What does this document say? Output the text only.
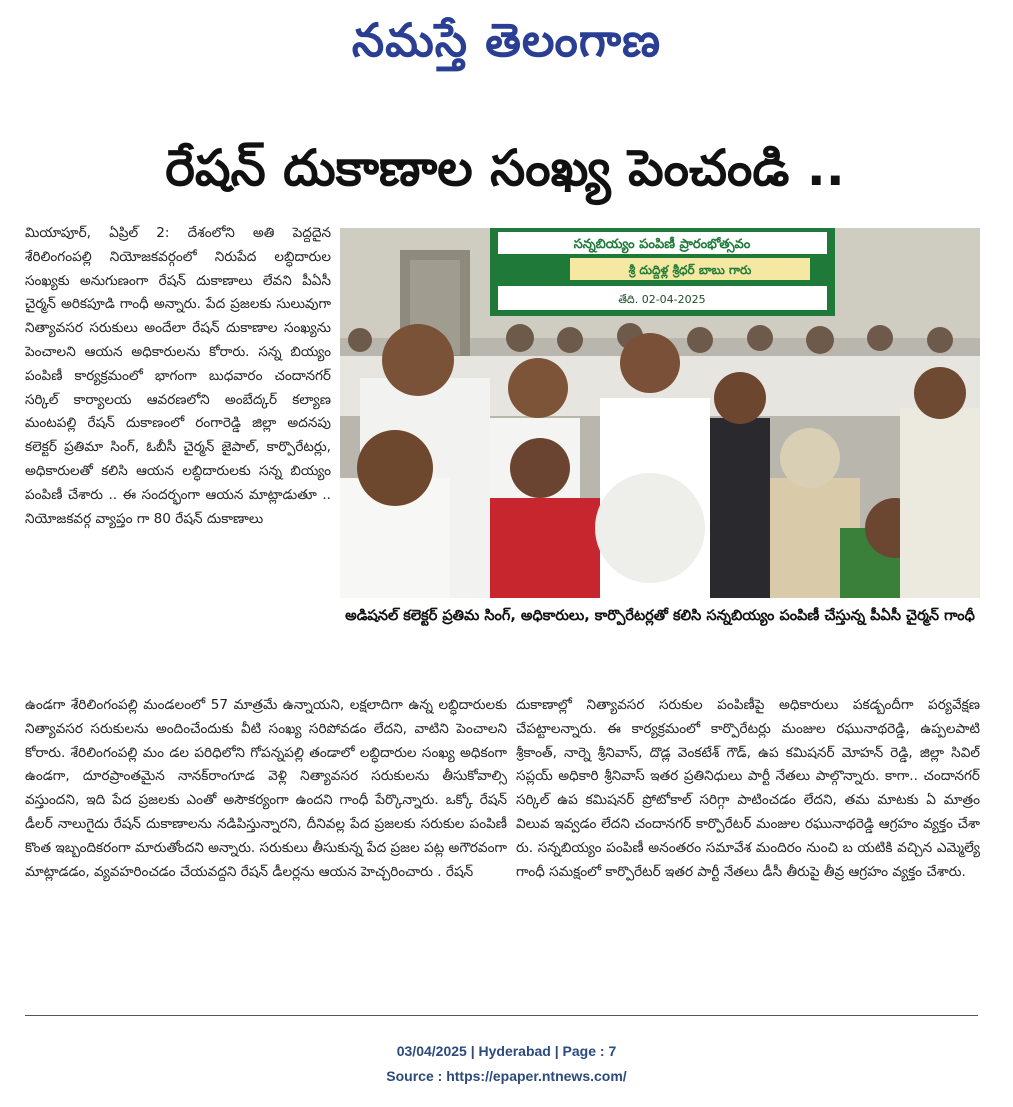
నమస్తే తెలంగాణ
రేషన్ దుకాణాల సంఖ్య పెంచండి ..

మియాపూర్, ఏప్రిల్ 2: దేశంలోని అతి పెద్దదైన శేరిలింగంపల్లి నియోజకవర్గంలో నిరుపేద లబ్ధిదారుల సంఖ్యకు అనుగుణంగా రేషన్ దుకాణాలు లేవని పీఏసీ చైర్మన్ అరికపూడి గాంధీ అన్నారు. పేద ప్రజలకు సులువుగా నిత్యావసర సరుకులు అందేలా రేషన్ దుకాణాల సంఖ్యను పెంచాలని ఆయన అధికారులను కోరారు. సన్న బియ్యం పంపిణీ కార్యక్రమంలో భాగంగా బుధవారం చందానగర్ సర్కిల్ కార్యాలయ ఆవరణలోని అంబేద్కర్ కల్యాణ మంటపల్లి రేషన్ దుకాణంలో రంగారెడ్డి జిల్లా అదనపు కలెక్టర్ ప్రతిమా సింగ్, ఓబీసీ చైర్మన్ జైపాల్, కార్పొరేటర్లు, అధికారులతో కలిసి ఆయన లబ్ధిదారులకు సన్న బియ్యం పంపిణీ చేశారు .. ఈ సందర్భంగా ఆయన మాట్లాడుతూ .. నియోజకవర్గ వ్యాప్తం గా 80 రేషన్ దుకాణాలు

సన్నబియ్యం పంపిణీ ప్రారంభోత్సవం
శ్రీ దుద్దిళ్ల శ్రీధర్ బాబు గారు
తేది. 02-04-2025
అడిషనల్ కలెక్టర్ ప్రతిమ సింగ్, అధికారులు, కార్పొరేటర్లతో కలిసి సన్నబియ్యం పంపిణీ చేస్తున్న పీఏసీ చైర్మన్ గాంధీ

ఉండగా శేరిలింగంపల్లి మండలంలో 57 మాత్రమే ఉన్నాయని, లక్షలాదిగా ఉన్న లబ్ధిదారులకు నిత్యావసర సరుకులను అందించేందుకు వీటి సంఖ్య సరిపోవడం లేదని, వాటిని పెంచాలని కోరారు. శేరిలింగంపల్లి మం డల పరిధిలోని గోపన్నపల్లి తండాలో లబ్ధిదారుల సంఖ్య అధికంగా ఉండగా, దూరప్రాంతమైన నానక్‌రాంగూడ వెళ్లి నిత్యావసర సరుకులను తీసుకోవాల్సి వస్తుందని, ఇది పేద ప్రజలకు ఎంతో అసౌకర్యంగా ఉందని గాంధీ పేర్కొన్నారు. ఒక్కో రేషన్ డీలర్ నాలుగైదు రేషన్ దుకాణాలను నడిపిస్తున్నారని, దీనివల్ల పేద ప్రజలకు సరుకుల పంపిణీ కొంత ఇబ్బందికరంగా మారుతోందని అన్నారు. సరుకులు తీసుకున్న పేద ప్రజల పట్ల అగౌరవంగా మాట్లాడడం, వ్యవహరించడం చేయవద్దని రేషన్ డీలర్లను ఆయన హెచ్చరించారు . రేషన్

దుకాణాల్లో నిత్యావసర సరుకుల పంపిణీపై అధికారులు పకడ్బందీగా పర్యవేక్షణ చేపట్టాలన్నారు. ఈ కార్యక్రమంలో కార్పొరేటర్లు మంజుల రఘునాథరెడ్డి, ఉప్పలపాటి శ్రీకాంత్, నార్నె శ్రీనివాస్, దొడ్ల వెంకటేశ్ గౌడ్, ఉప కమిషనర్ మోహన్ రెడ్డి, జిల్లా సివిల్ సప్లయ్ అధికారి శ్రీనివాస్ ఇతర ప్రతినిధులు పార్టీ నేతలు పాల్గొన్నారు. కాగా.. చందానగర్ సర్కిల్ ఉప కమిషనర్ ప్రోటోకాల్ సరిగ్గా పాటించడం లేదని, తమ మాటకు ఏ మాత్రం విలువ ఇవ్వడం లేదని చందానగర్ కార్పొరేటర్ మంజుల రఘునాథరెడ్డి ఆగ్రహం వ్యక్తం చేశా రు. సన్నబియ్యం పంపిణీ అనంతరం సమావేశ మందిరం నుంచి బ యటికి వచ్చిన ఎమ్మెల్యే గాంధీ సమక్షంలో కార్పొరేటర్ ఇతర పార్టీ నేతలు డీసీ తీరుపై తీవ్ర ఆగ్రహం వ్యక్తం చేశారు.

03/04/2025 | Hyderabad | Page : 7
Source : https://epaper.ntnews.com/
